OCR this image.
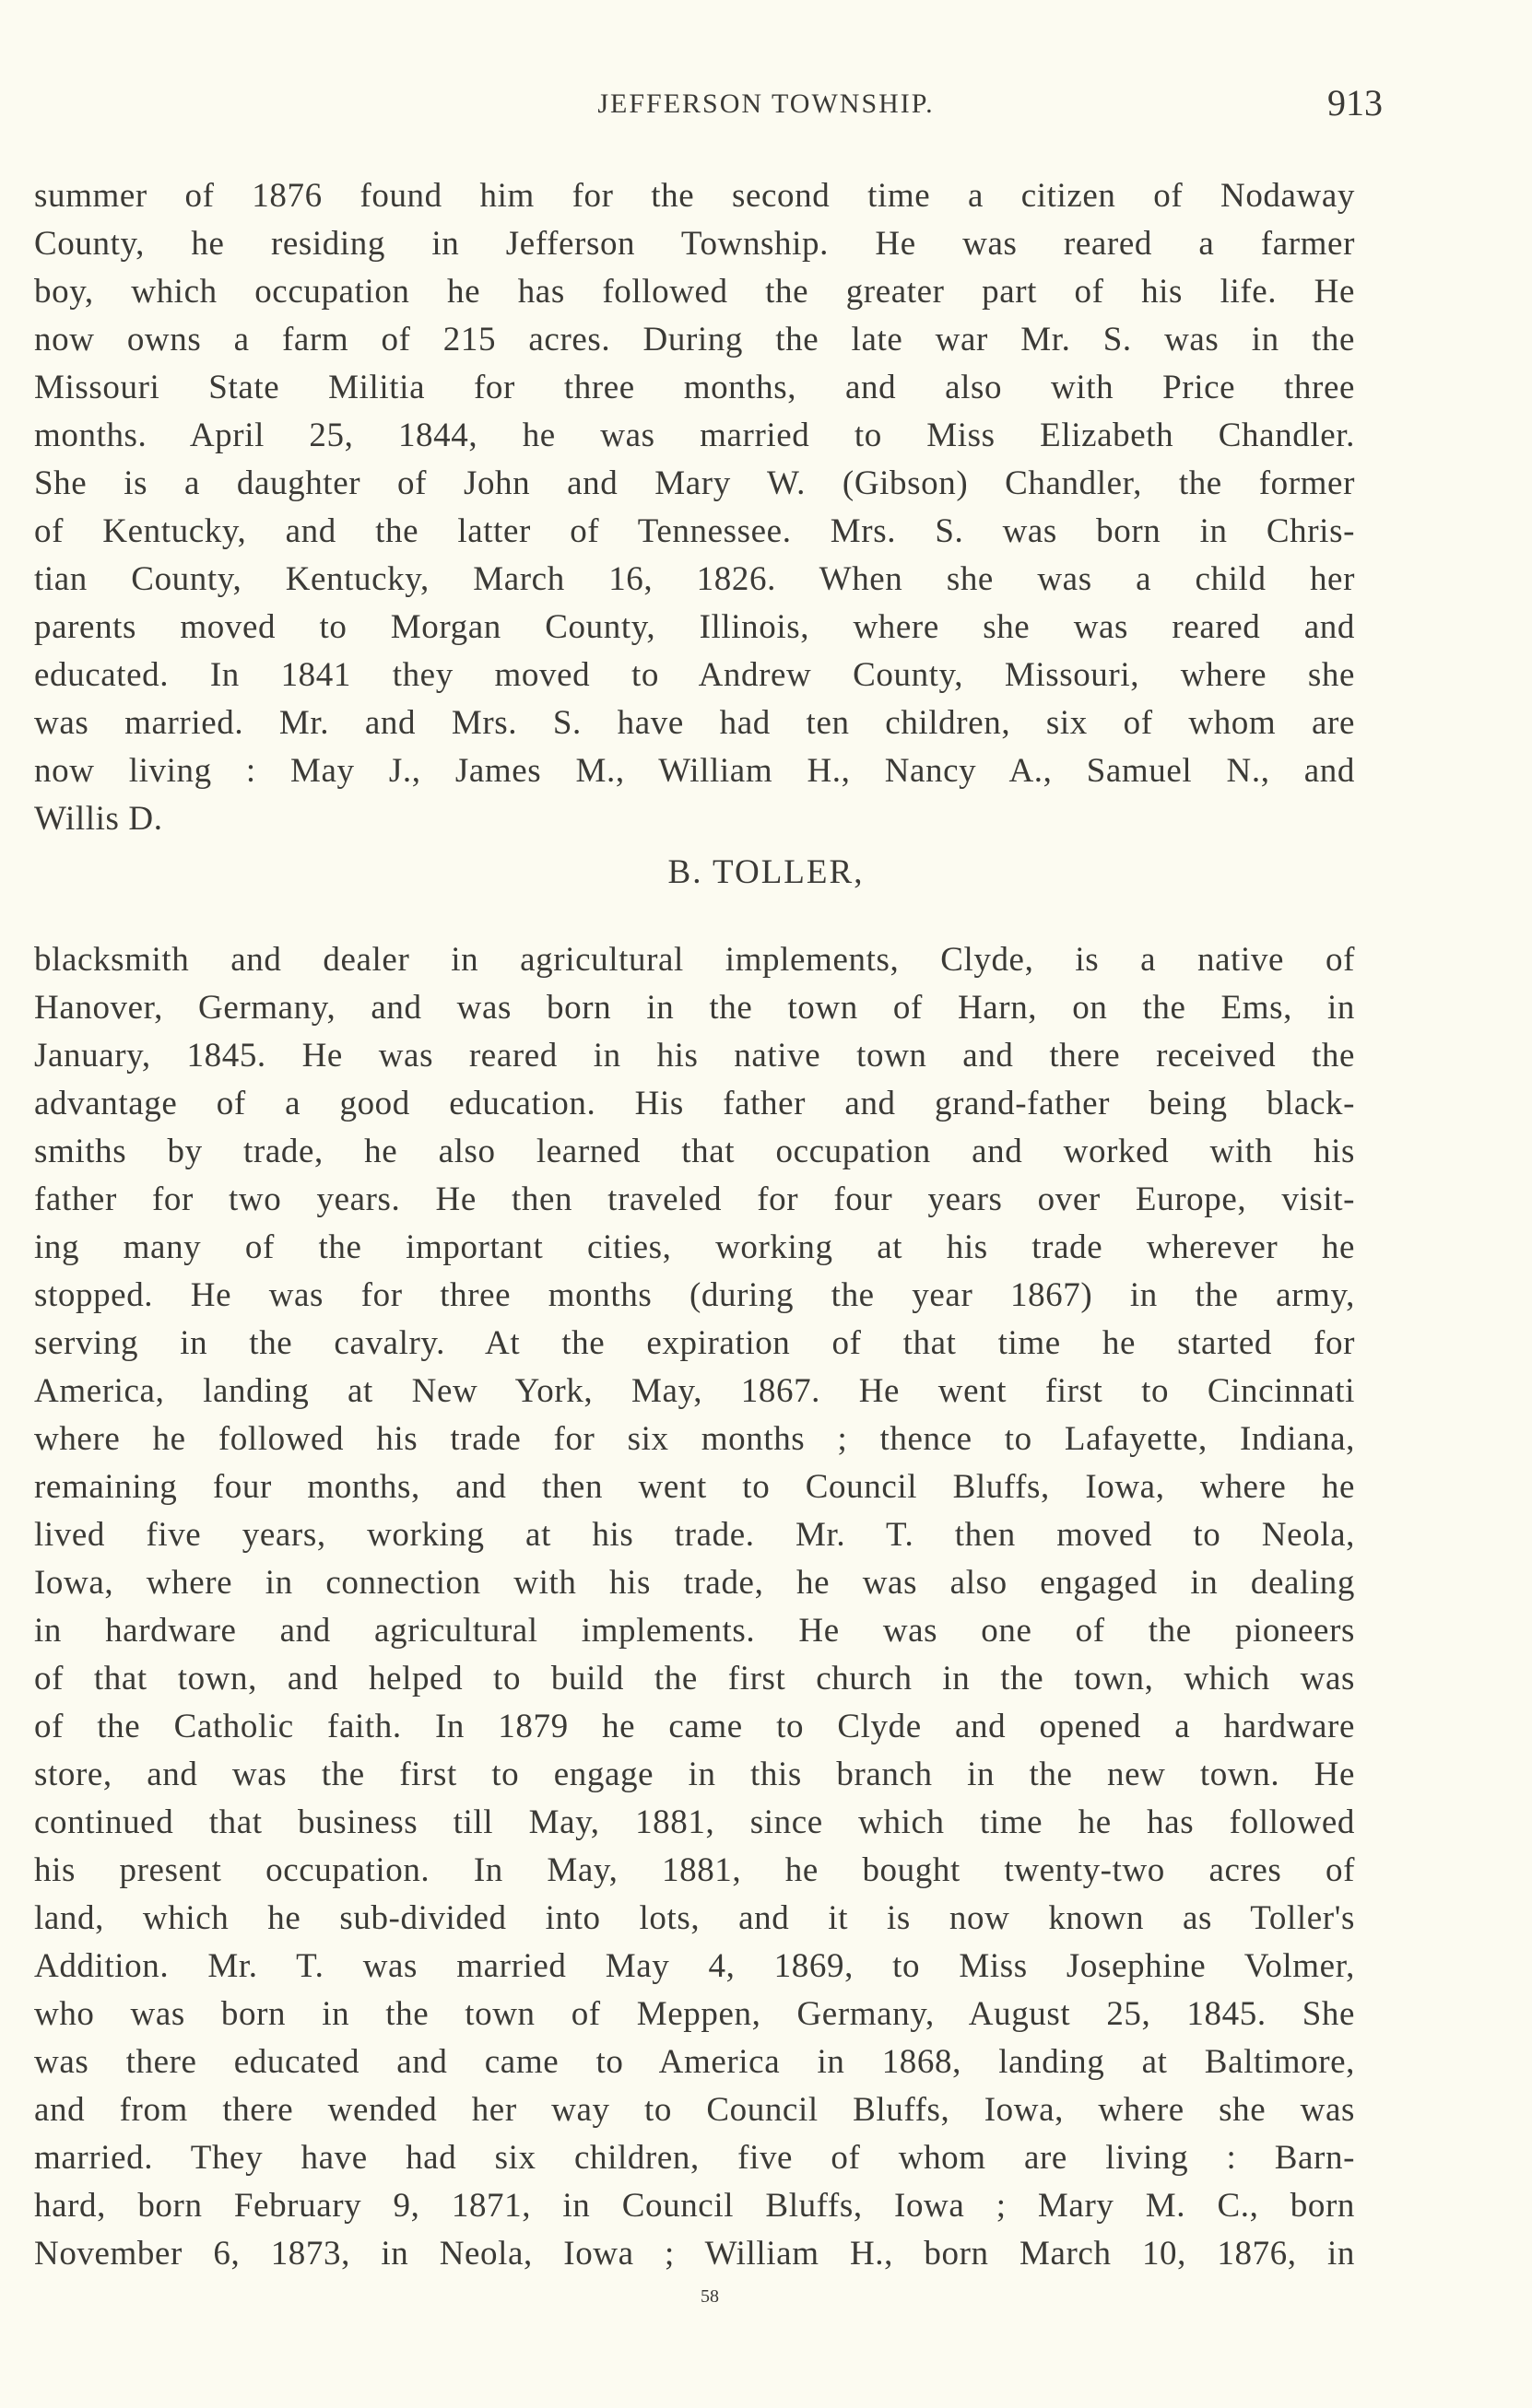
JEFFERSON TOWNSHIP.	913
summer of 1876 found him for the second time a citizen of Nodaway
County, he residing in Jefferson Township. He was reared a farmer
boy, which occupation he has followed the greater part of his life. He
now owns a farm of 215 acres. During the late war Mr. S. was in the
Missouri State Militia for three months, and also with Price three
months. April 25, 1844, he was married to Miss Elizabeth Chandler.
She is a daughter of John and Mary W. (Gibson) Chandler, the former
of Kentucky, and the latter of Tennessee. Mrs. S. was born in Chris-
tian County, Kentucky, March 16, 1826. When she was a child her
parents moved to Morgan County, Illinois, where she was reared and
educated. In 1841 they moved to Andrew County, Missouri, where she
was married. Mr. and Mrs. S. have had ten children, six of whom are
now living : May J., James M., William H., Nancy A., Samuel N., and
Willis D.
B. TOLLER,
blacksmith and dealer in agricultural implements, Clyde, is a native of
Hanover, Germany, and was born in the town of Harn, on the Ems, in
January, 1845. He was reared in his native town and there received the
advantage of a good education. His father and grand-father being black-
smiths by trade, he also learned that occupation and worked with his
father for two years. He then traveled for four years over Europe, visit-
ing many of the important cities, working at his trade wherever he
stopped. He was for three months (during the year 1867) in the army,
serving in the cavalry. At the expiration of that time he started for
America, landing at New York, May, 1867. He went first to Cincinnati
where he followed his trade for six months ; thence to Lafayette, Indiana,
remaining four months, and then went to Council Bluffs, Iowa, where he
lived five years, working at his trade. Mr. T. then moved to Neola,
Iowa, where in connection with his trade, he was also engaged in dealing
in hardware and agricultural implements. He was one of the pioneers
of that town, and helped to build the first church in the town, which was
of the Catholic faith. In 1879 he came to Clyde and opened a hardware
store, and was the first to engage in this branch in the new town. He
continued that business till May, 1881, since which time he has followed
his present occupation. In May, 1881, he bought twenty-two acres of
land, which he sub-divided into lots, and it is now known as Toller's
Addition. Mr. T. was married May 4, 1869, to Miss Josephine Volmer,
who was born in the town of Meppen, Germany, August 25, 1845. She
was there educated and came to America in 1868, landing at Baltimore,
and from there wended her way to Council Bluffs, Iowa, where she was
married. They have had six children, five of whom are living : Barn-
hard, born February 9, 1871, in Council Bluffs, Iowa ; Mary M. C., born
November 6, 1873, in Neola, Iowa ; William H., born March 10, 1876, in
58
